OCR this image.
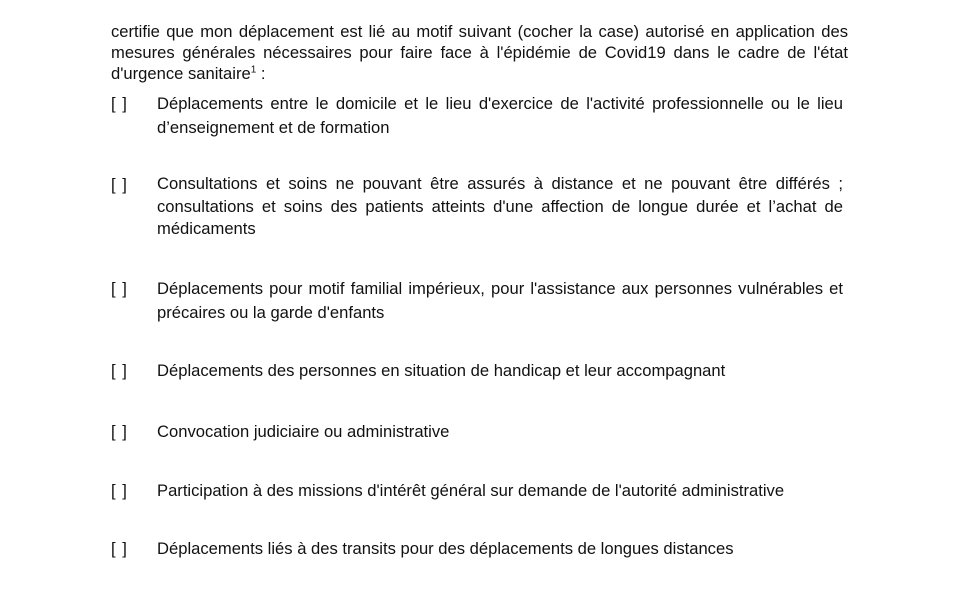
certifie que mon déplacement est lié au motif suivant (cocher la case) autorisé en application des mesures générales nécessaires pour faire face à l'épidémie de Covid19 dans le cadre de l'état d'urgence sanitaire$^1$ :

[ ]	Déplacements entre le domicile et le lieu d'exercice de l'activité professionnelle ou le lieu d’enseignement et de formation
[ ]	Consultations et soins ne pouvant être assurés à distance et ne pouvant être différés ; consultations et soins des patients atteints d'une affection de longue durée et l’achat de médicaments
[ ]	Déplacements pour motif familial impérieux, pour l'assistance aux personnes vulnérables et précaires ou la garde d'enfants
[ ]	Déplacements des personnes en situation de handicap et leur accompagnant
[ ]	Convocation judiciaire ou administrative
[ ]	Participation à des missions d'intérêt général sur demande de l'autorité administrative
[ ]	Déplacements liés à des transits pour des déplacements de longues distances
